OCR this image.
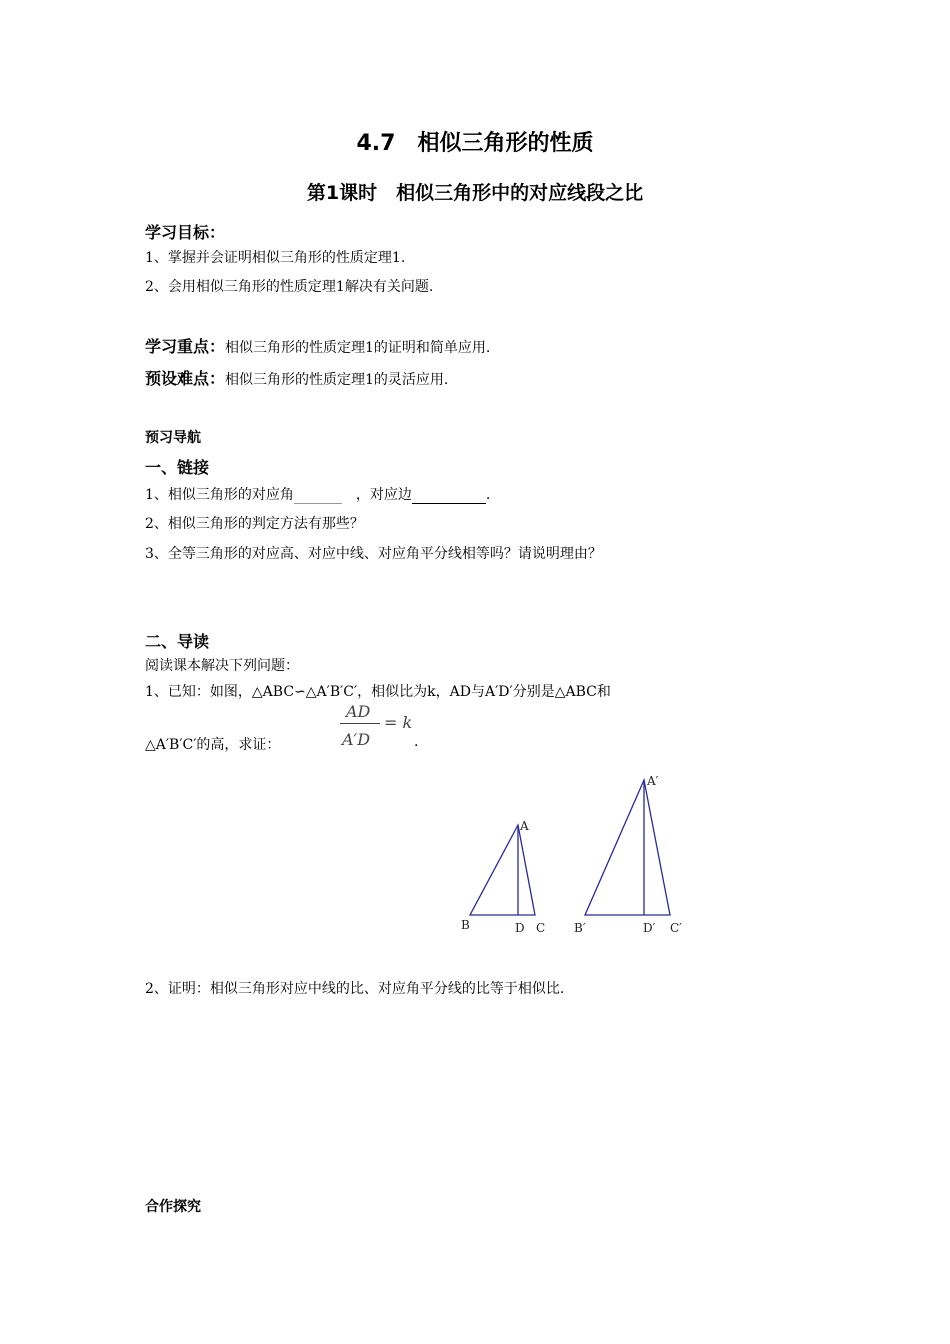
4.7　相似三角形的性质
第1课时　相似三角形中的对应线段之比
学习目标：
1、掌握并会证明相似三角形的性质定理1.
2、会用相似三角形的性质定理1解决有关问题.
学习重点：相似三角形的性质定理1的证明和简单应用.
预设难点：相似三角形的性质定理1的灵活应用.
预习导航
一、链接
1、相似三角形的对应角	　，对应边	.
2、相似三角形的判定方法有那些？
3、全等三角形的对应高、对应中线、对应角平分线相等吗？请说明理由？
二、导读
阅读课本解决下列问题：
1、已知：如图，△ABC∽△A′B′C′，相似比为k，AD与A′D′分别是△ABC和
△A′B′C′的高，求证：
AD
A′D
= k
.
A
B	D C
A′
B′	D′ C′
2、证明：相似三角形对应中线的比、对应角平分线的比等于相似比.
合作探究
